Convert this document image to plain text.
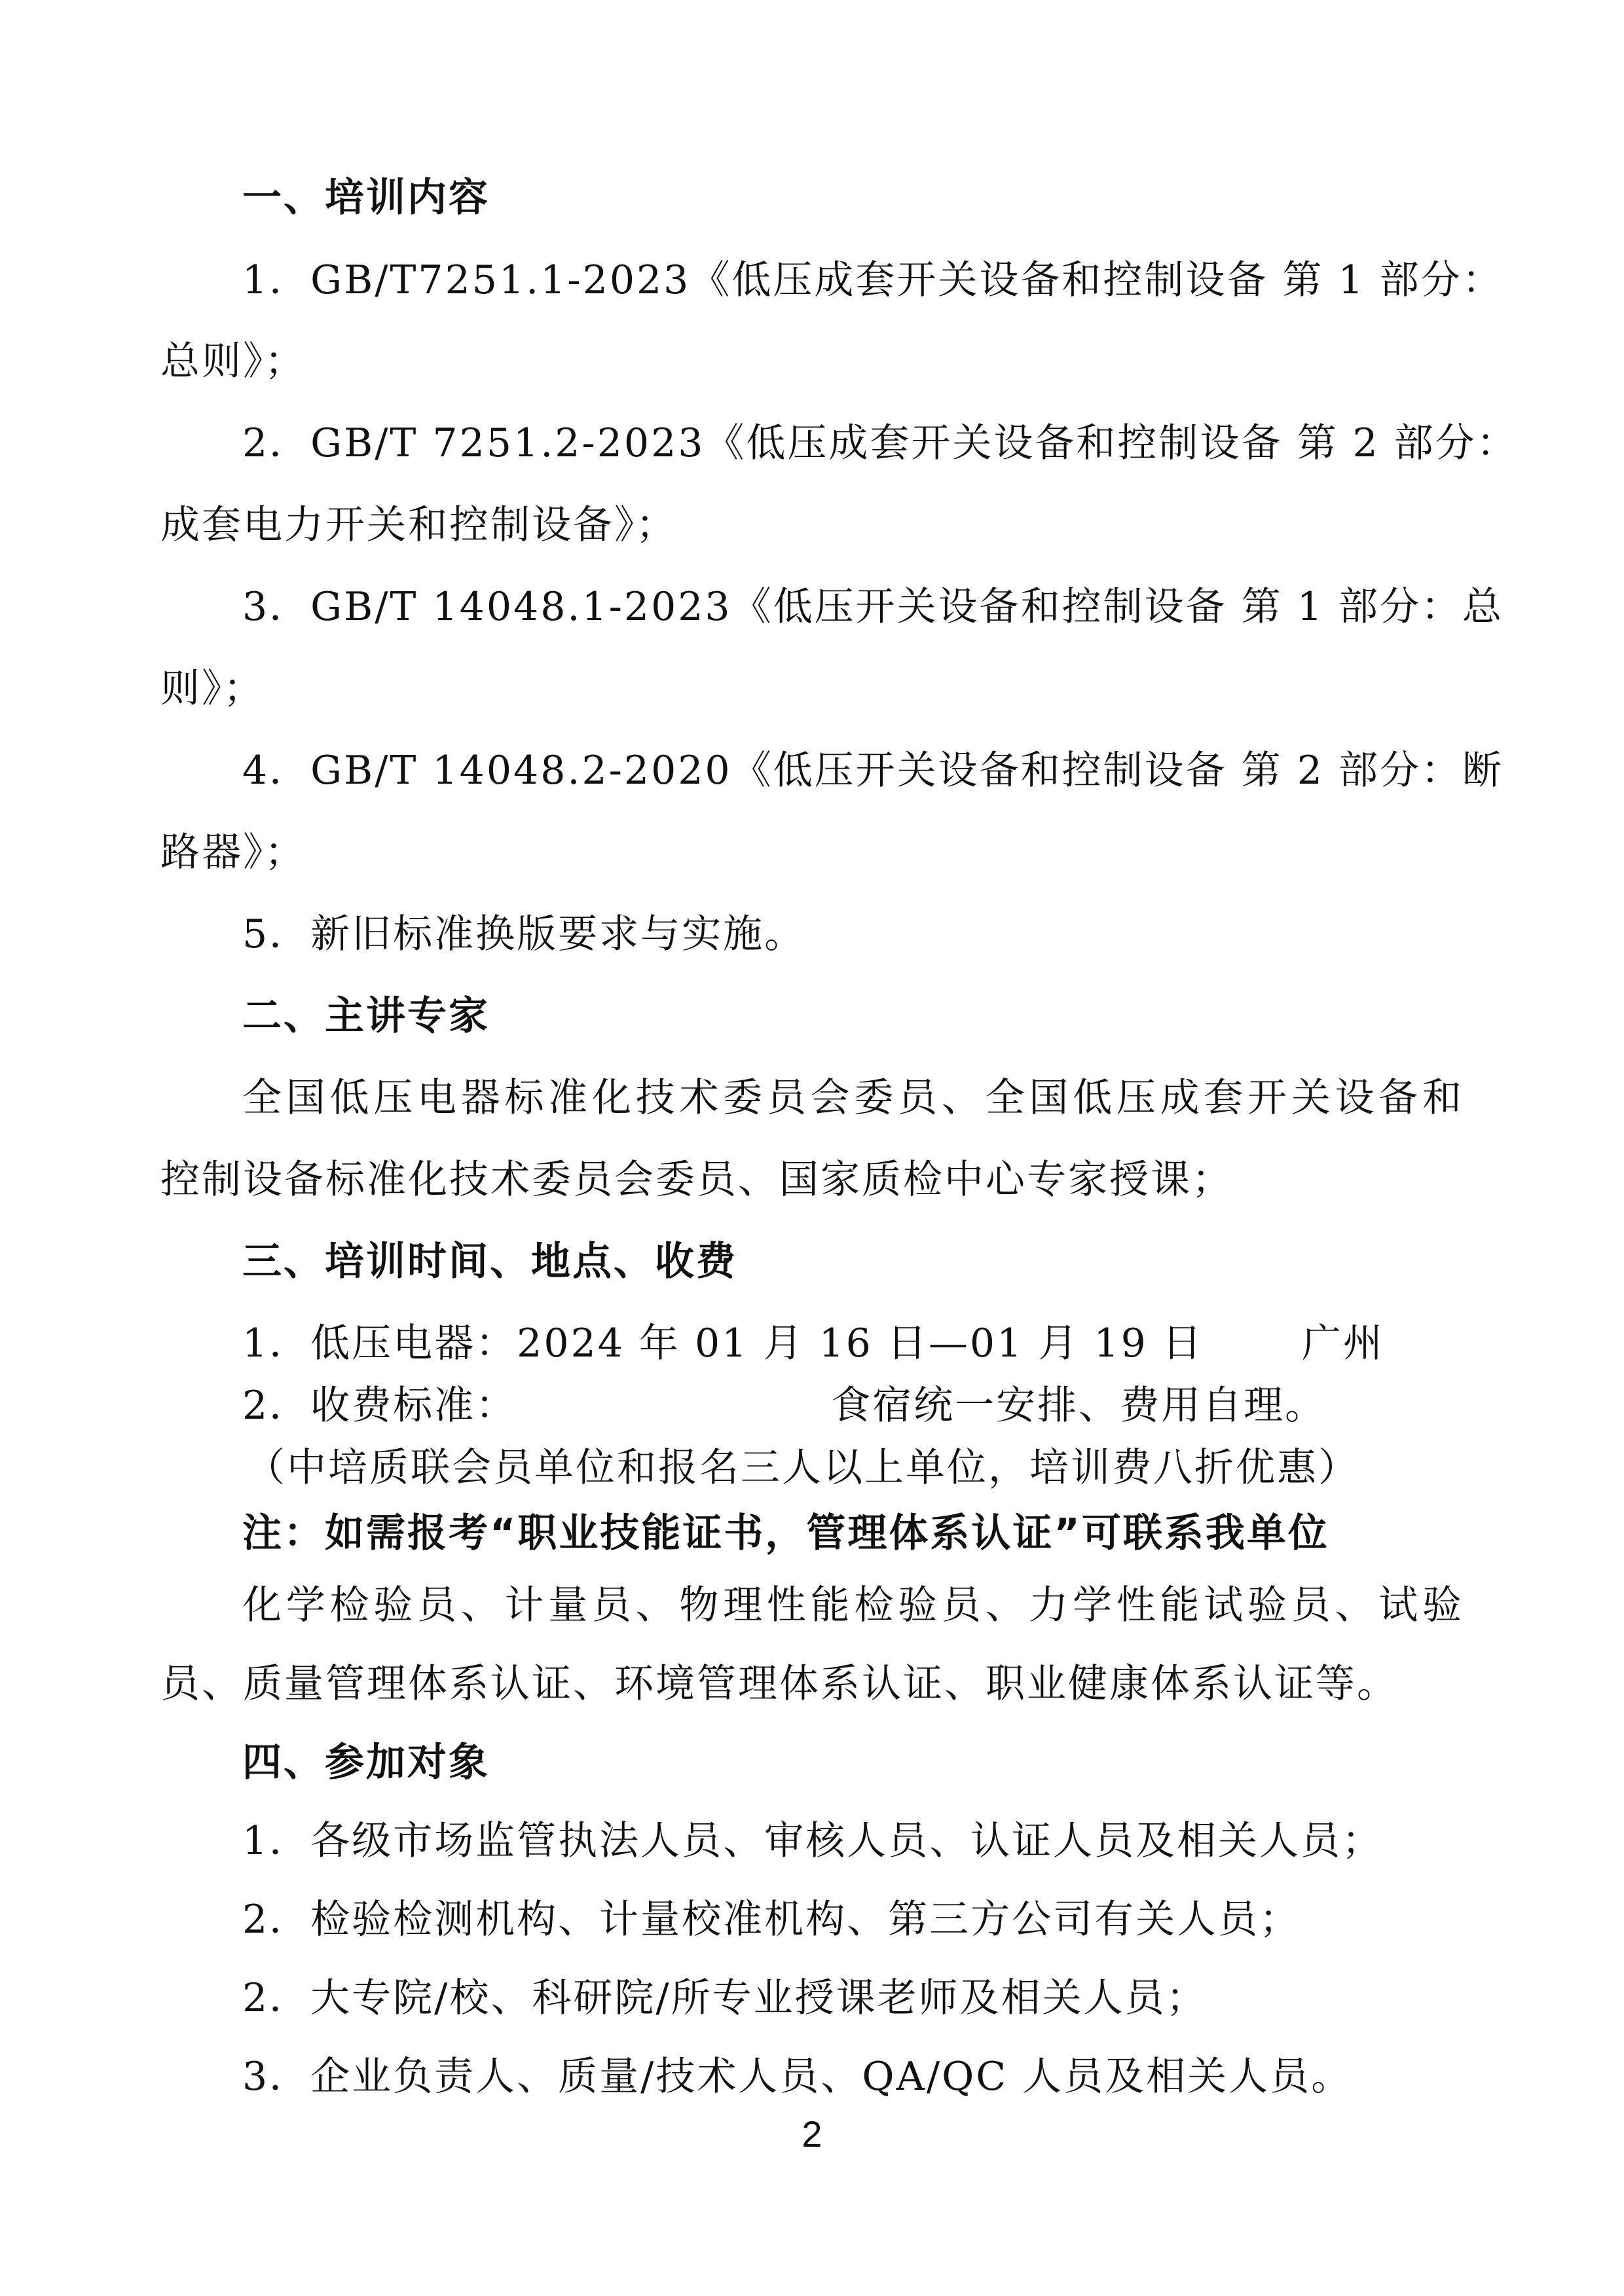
一、培训内容
1．GB/T7251.1-2023《低压成套开关设备和控制设备 第 1 部分：
总则》；
2．GB/T 7251.2-2023《低压成套开关设备和控制设备 第 2 部分：
成套电力开关和控制设备》；
3．GB/T 14048.1-2023《低压开关设备和控制设备 第 1 部分：总
则》；
4．GB/T 14048.2-2020《低压开关设备和控制设备 第 2 部分：断
路器》；
5．新旧标准换版要求与实施。
二、主讲专家
全国低压电器标准化技术委员会委员、全国低压成套开关设备和
控制设备标准化技术委员会委员、国家质检中心专家授课；
三、培训时间、地点、收费
1．低压电器：2024 年 01 月 16 日—01 月 19 日	广州
2．收费标准：	食宿统一安排、费用自理。
（中培质联会员单位和报名三人以上单位，培训费八折优惠）
注：如需报考“职业技能证书，管理体系认证”可联系我单位
化学检验员、计量员、物理性能检验员、力学性能试验员、试验
员、质量管理体系认证、环境管理体系认证、职业健康体系认证等。
四、参加对象
1．各级市场监管执法人员、审核人员、认证人员及相关人员；
2．检验检测机构、计量校准机构、第三方公司有关人员；
2．大专院/校、科研院/所专业授课老师及相关人员；
3．企业负责人、质量/技术人员、QA/QC 人员及相关人员。
2
